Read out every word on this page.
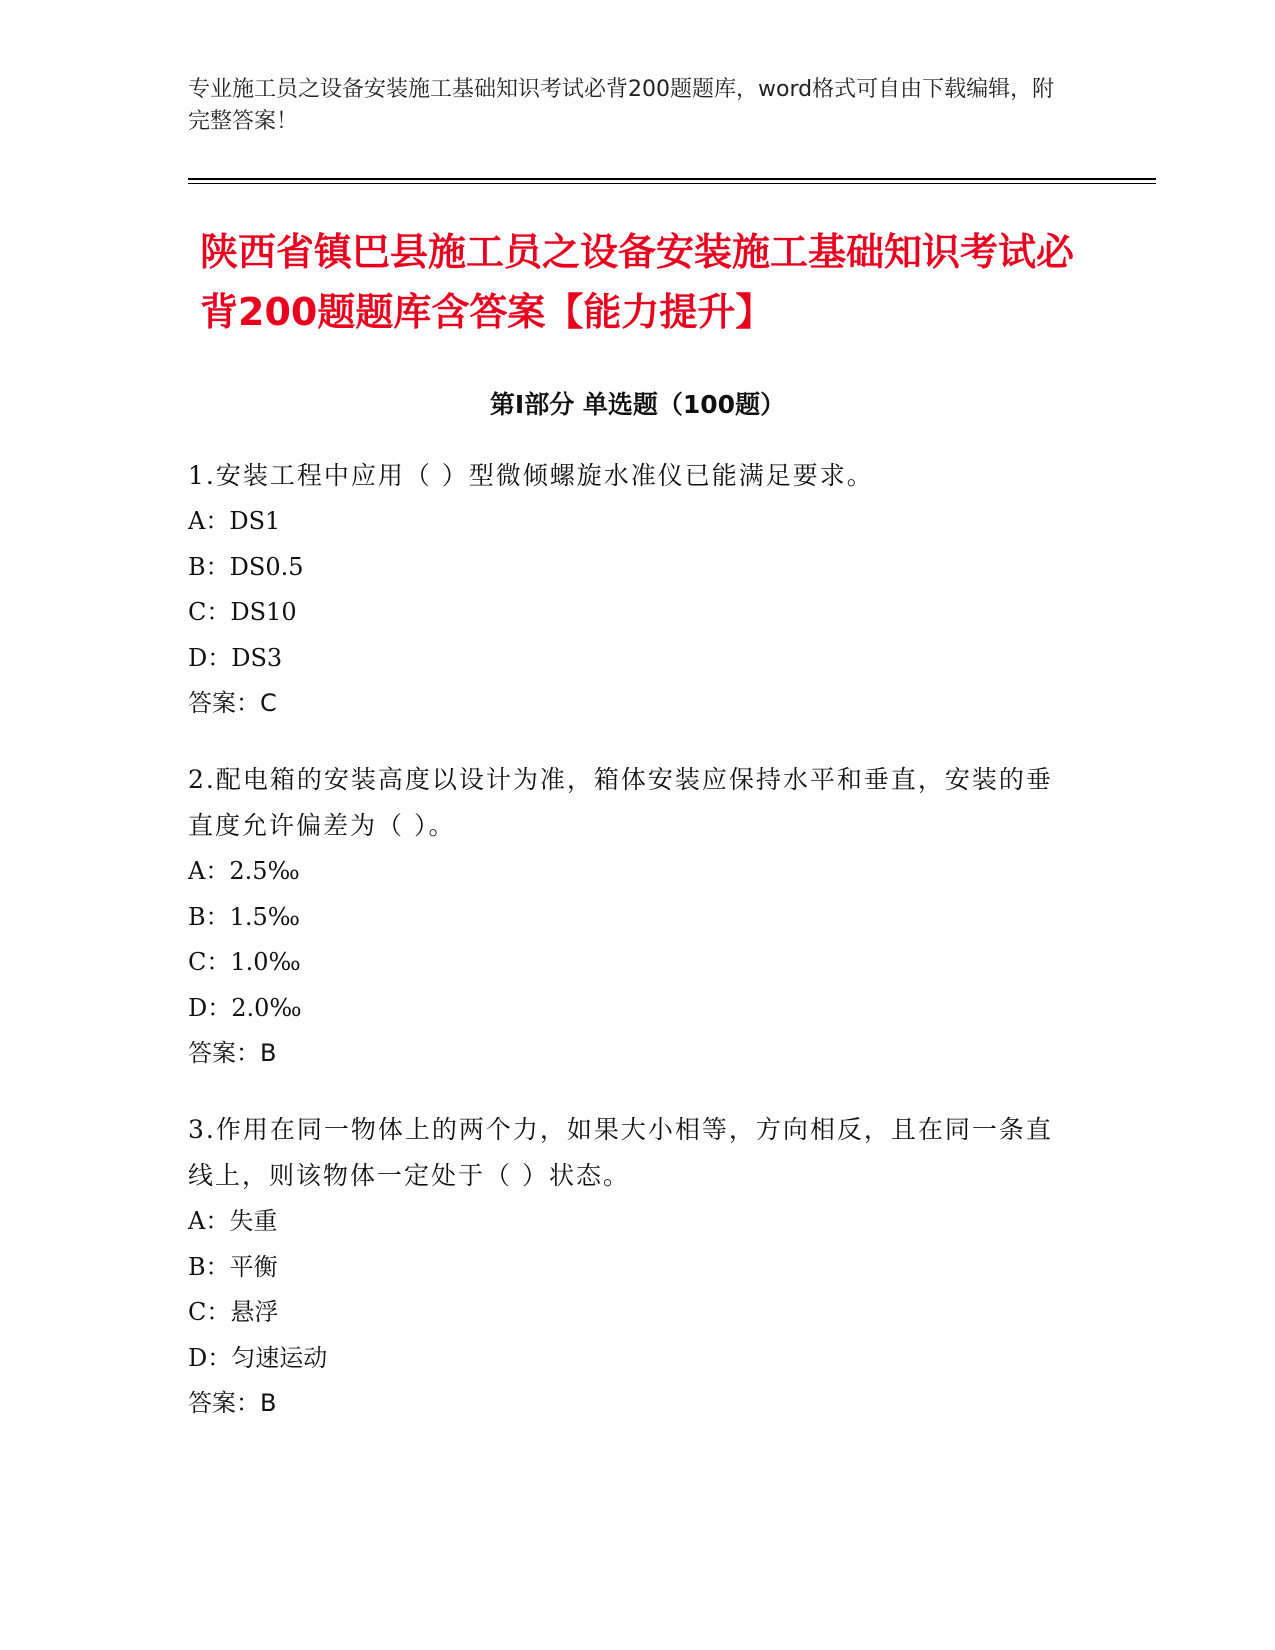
专业施工员之设备安装施工基础知识考试必背200题题库，word格式可自由下载编辑，附完整答案！
陕西省镇巴县施工员之设备安装施工基础知识考试必背200题题库含答案【能力提升】
第Ⅰ部分 单选题（100题）

1.安装工程中应用（ ）型微倾螺旋水准仪已能满足要求。

A：DS1

B：DS0.5

C：DS10

D：DS3

答案：C

2.配电箱的安装高度以设计为准，箱体安装应保持水平和垂直，安装的垂直度允许偏差为（ ）。

A：2.5‰

B：1.5‰

C：1.0‰

D：2.0‰

答案：B

3.作用在同一物体上的两个力，如果大小相等，方向相反，且在同一条直线上，则该物体一定处于（ ）状态。

A：失重

B：平衡

C：悬浮

D：匀速运动

答案：B
